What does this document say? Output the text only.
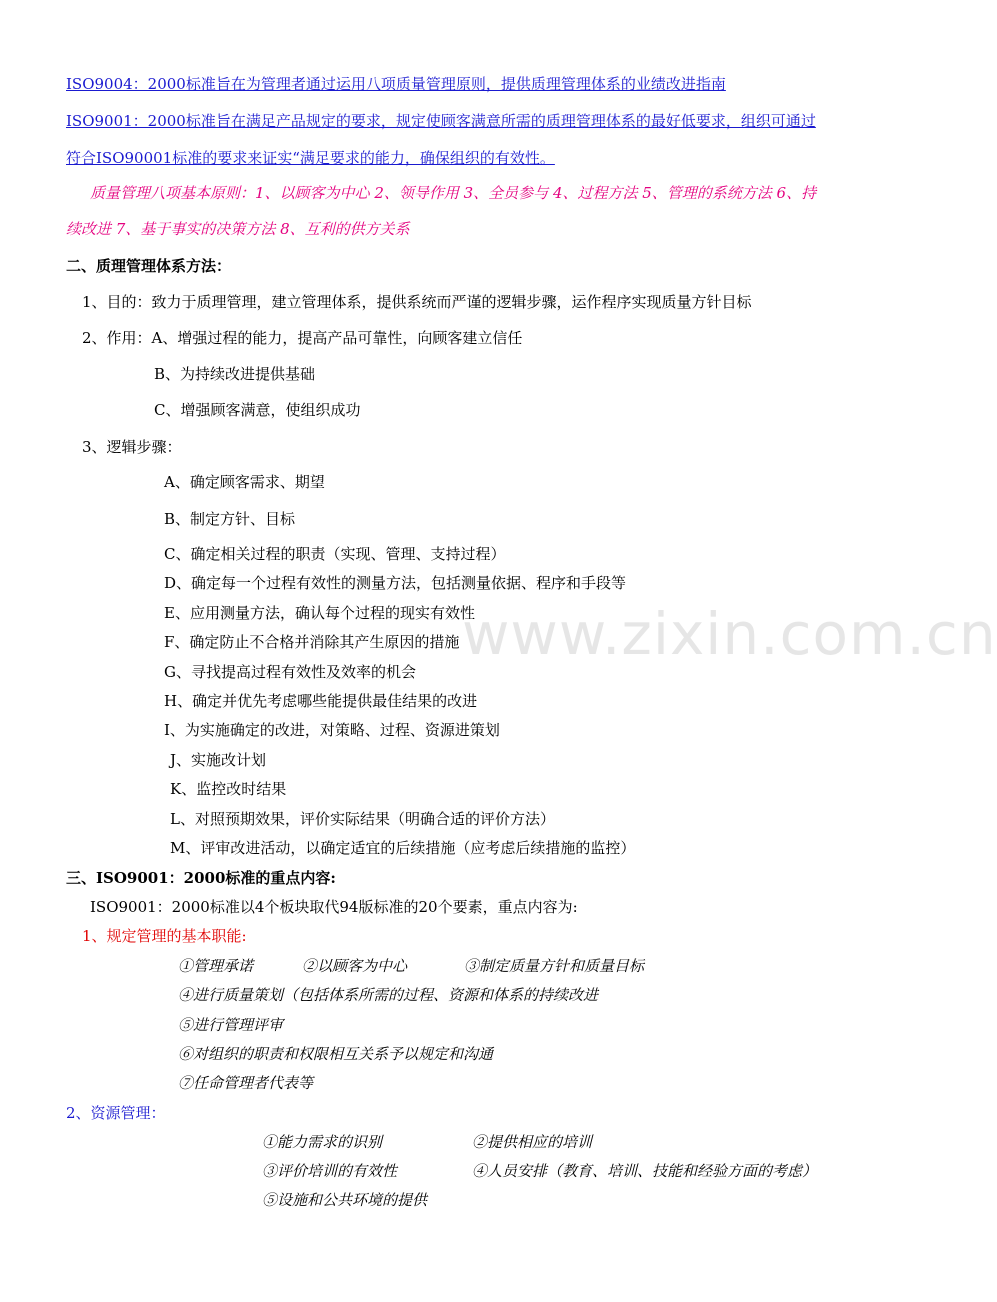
www.zixin.com.cn
ISO9004：2000标准旨在为管理者通过运用八项质量管理原则，提供质理管理体系的业绩改进指南
ISO9001：2000标准旨在满足产品规定的要求，规定使顾客满意所需的质理管理体系的最好低要求，组织可通过
符合ISO90001标准的要求来证实“满足要求的能力，确保组织的有效性。
质量管理八项基本原则：1、以顾客为中心 2、领导作用 3、全员参与 4、过程方法 5、管理的系统方法 6、持
续改进 7、基于事实的决策方法 8、互利的供方关系
二、质理管理体系方法：
1、目的：致力于质理管理，建立管理体系，提供系统而严谨的逻辑步骤，运作程序实现质量方针目标
2、作用：A、增强过程的能力，提高产品可靠性，向顾客建立信任
B、为持续改进提供基础
C、增强顾客满意，使组织成功
3、逻辑步骤：
A、确定顾客需求、期望
B、制定方针、目标
C、确定相关过程的职责（实现、管理、支持过程）
D、确定每一个过程有效性的测量方法，包括测量依据、程序和手段等
E、应用测量方法，确认每个过程的现实有效性
F、确定防止不合格并消除其产生原因的措施
G、寻找提高过程有效性及效率的机会
H、确定并优先考虑哪些能提供最佳结果的改进
I、为实施确定的改进，对策略、过程、资源进策划
J、实施改计划
K、监控改时结果
L、对照预期效果，评价实际结果（明确合适的评价方法）
M、评审改进活动，以确定适宜的后续措施（应考虑后续措施的监控）
三、ISO9001：2000标准的重点内容:
ISO9001：2000标准以4个板块取代94版标准的20个要素，重点内容为:
1、规定管理的基本职能:
①管理承诺	②以顾客为中心	③制定质量方针和质量目标
④进行质量策划（包括体系所需的过程、资源和体系的持续改进
⑤进行管理评审
⑥对组织的职责和权限相互关系予以规定和沟通
⑦任命管理者代表等
2、资源管理：
①能力需求的识别	②提供相应的培训
③评价培训的有效性	④人员安排（教育、培训、技能和经验方面的考虑）
⑤设施和公共环境的提供
